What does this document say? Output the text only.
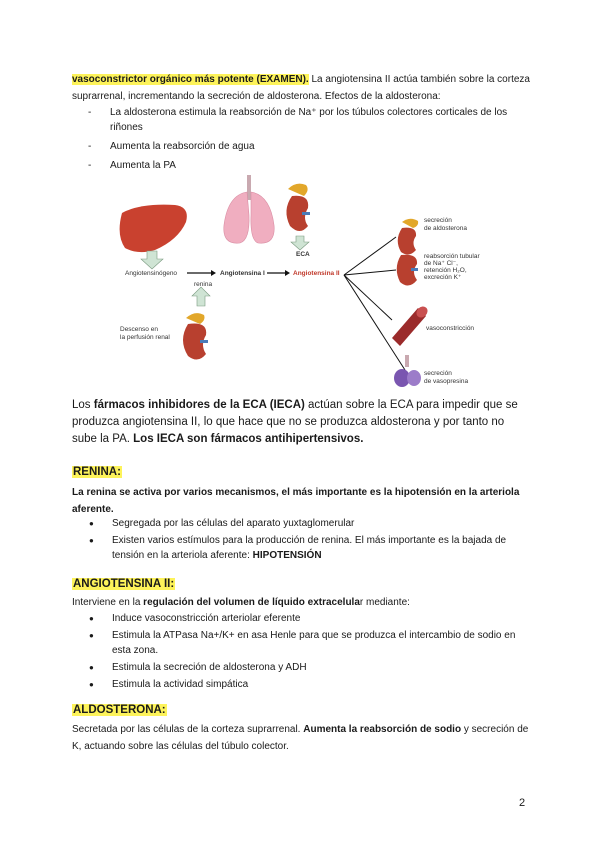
vasoconstrictor orgánico más potente (EXAMEN). La angiotensina II actúa también sobre la corteza suprarrenal, incrementando la secreción de aldosterona. Efectos de la aldosterona:
- La aldosterona estimula la reabsorción de Na⁺ por los túbulos colectores corticales de los riñones
- Aumenta la reabsorción de agua
- Aumenta la PA
Angiotensinógeno
renina
Angiotensina I
ECA
Angiotensina II
Descenso en
la perfusión renal
secreción
de aldosterona
reabsorción tubular
de Na⁺ Cl⁻,
retención H₂O,
excreción K⁺
vasoconstricción
secreción
de vasopresina
Los fármacos inhibidores de la ECA (IECA) actúan sobre la ECA para impedir que se produzca angiotensina II, lo que hace que no se produzca aldosterona y por tanto no sube la PA. Los IECA son fármacos antihipertensivos.
RENINA:
La renina se activa por varios mecanismos, el más importante es la hipotensión en la arteriola aferente.
● Segregada por las células del aparato yuxtaglomerular
● Existen varios estímulos para la producción de renina. El más importante es la bajada de tensión en la arteriola aferente: HIPOTENSIÓN
ANGIOTENSINA II:
Interviene en la regulación del volumen de líquido extracelular mediante:
● Induce vasoconstricción arteriolar eferente
● Estimula la ATPasa Na+/K+ en asa Henle para que se produzca el intercambio de sodio en esta zona.
● Estimula la secreción de aldosterona y ADH
● Estimula la actividad simpática
ALDOSTERONA:
Secretada por las células de la corteza suprarrenal. Aumenta la reabsorción de sodio y secreción de K, actuando sobre las células del túbulo colector.
2
